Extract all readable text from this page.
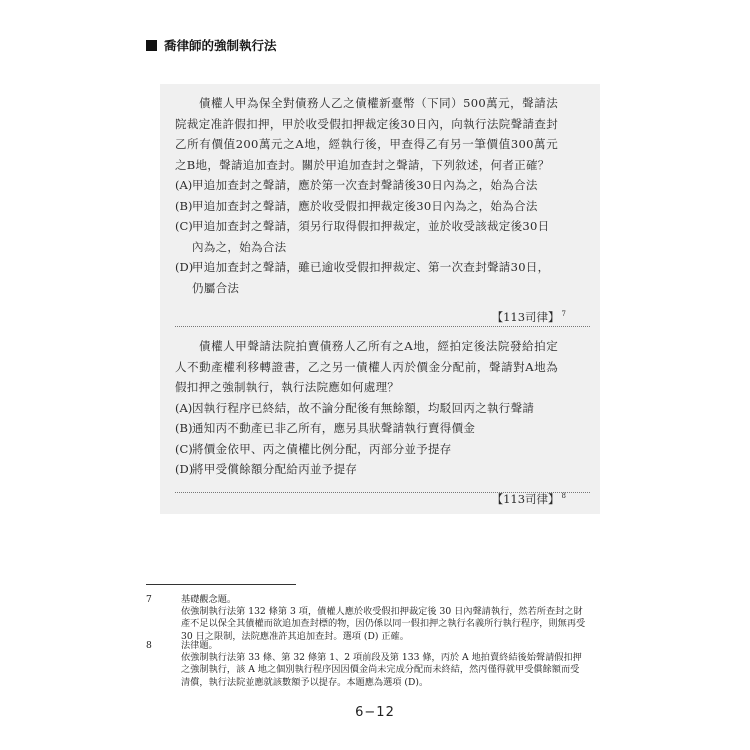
喬律師的強制執行法
債權人甲為保全對債務人乙之債權新臺幣（下同）500萬元，聲請法院裁定准許假扣押，甲於收受假扣押裁定後30日內，向執行法院聲請查封乙所有價值200萬元之A地，經執行後，甲查得乙有另一筆價值300萬元之B地，聲請追加查封。關於甲追加查封之聲請，下列敘述，何者正確？
(A) 甲追加查封之聲請，應於第一次查封聲請後30日內為之，始為合法
(B) 甲追加查封之聲請，應於收受假扣押裁定後30日內為之，始為合法
(C) 甲追加查封之聲請，須另行取得假扣押裁定，並於收受該裁定後30日內為之，始為合法
(D)
甲追加查封之聲請，雖已逾收受假扣押裁定、第一次查封聲請30日，仍屬合法
【113司律】 $^7$
債權人甲聲請法院拍賣債務人乙所有之A地，經拍定後法院發給拍定人不動產權利移轉證書，乙之另一債權人丙於價金分配前，聲請對A地為假扣押之強制執行，執行法院應如何處理？
(A) 因執行程序已終結，故不論分配後有無餘額，均駁回丙之執行聲請
(B) 通知丙不動產已非乙所有，應另具狀聲請執行賣得價金
(C) 將價金依甲、丙之債權比例分配，丙部分並予提存
(D)
將甲受償餘額分配給丙並予提存
【113司律】 $^8$
7	基礎觀念題。
依強制執行法第 132 條第 3 項，債權人應於收受假扣押裁定後 30 日內聲請執行，然若所查封之財產不足以保全其債權而欲追加查封標的物，因仍係以同一假扣押之執行名義所行執行程序，則無再受 30 日之限制，法院應准許其追加查封。選項 (D) 正確。
8	法律題。
依強制執行法第 33 條、第 32 條第 1、2 項前段及第 133 條，丙於 A 地拍賣終結後始聲請假扣押之強制執行，該 A 地之個別執行程序因因價金尚未完成分配而未終結，然丙僅得就甲受償餘額而受清償，執行法院並應就該數額予以提存。本題應為選項 (D)。
6−12
